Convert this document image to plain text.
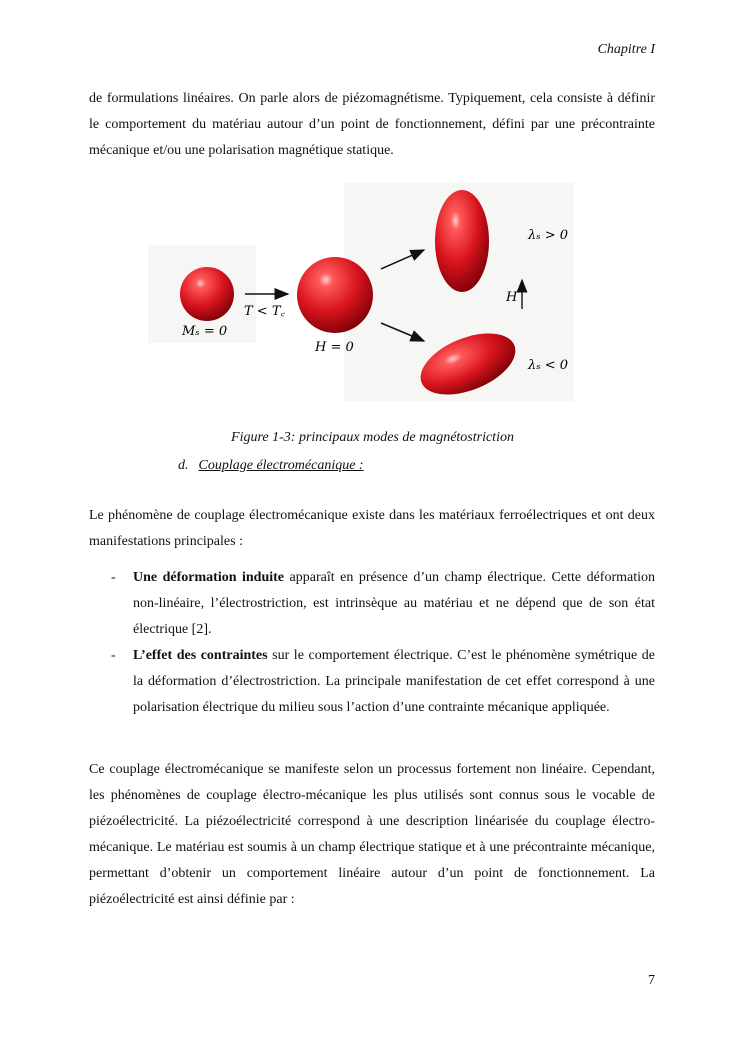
Chapitre I

de formulations linéaires. On parle alors de piézomagnétisme. Typiquement, cela consiste à définir le comportement du matériau autour d’un point de fonctionnement, défini par une précontrainte mécanique et/ou une polarisation magnétique statique.

Mₛ = 0
T < T꜀
H = 0
λₛ > 0
λₛ < 0
H
Figure 1-3: principaux modes de magnétostriction
d. Couplage électromécanique :

Le phénomène de couplage électromécanique existe dans les matériaux ferroélectriques et ont deux manifestations principales :

- Une déformation induite apparaît en présence d’un champ électrique. Cette déformation non-linéaire, l’électrostriction, est intrinsèque au matériau et ne dépend que de son état électrique [2].
- L’effet des contraintes sur le comportement électrique. C’est le phénomène symétrique de la déformation d’électrostriction. La principale manifestation de cet effet correspond à une polarisation électrique du milieu sous l’action d’une contrainte mécanique appliquée.

Ce couplage électromécanique se manifeste selon un processus fortement non linéaire. Cependant, les phénomènes de couplage électro-mécanique les plus utilisés sont connus sous le vocable de piézoélectricité. La piézoélectricité correspond à une description linéarisée du couplage électro-mécanique. Le matériau est soumis à un champ électrique statique et à une précontrainte mécanique, permettant d’obtenir un comportement linéaire autour d’un point de fonctionnement. La piézoélectricité est ainsi définie par :

7
